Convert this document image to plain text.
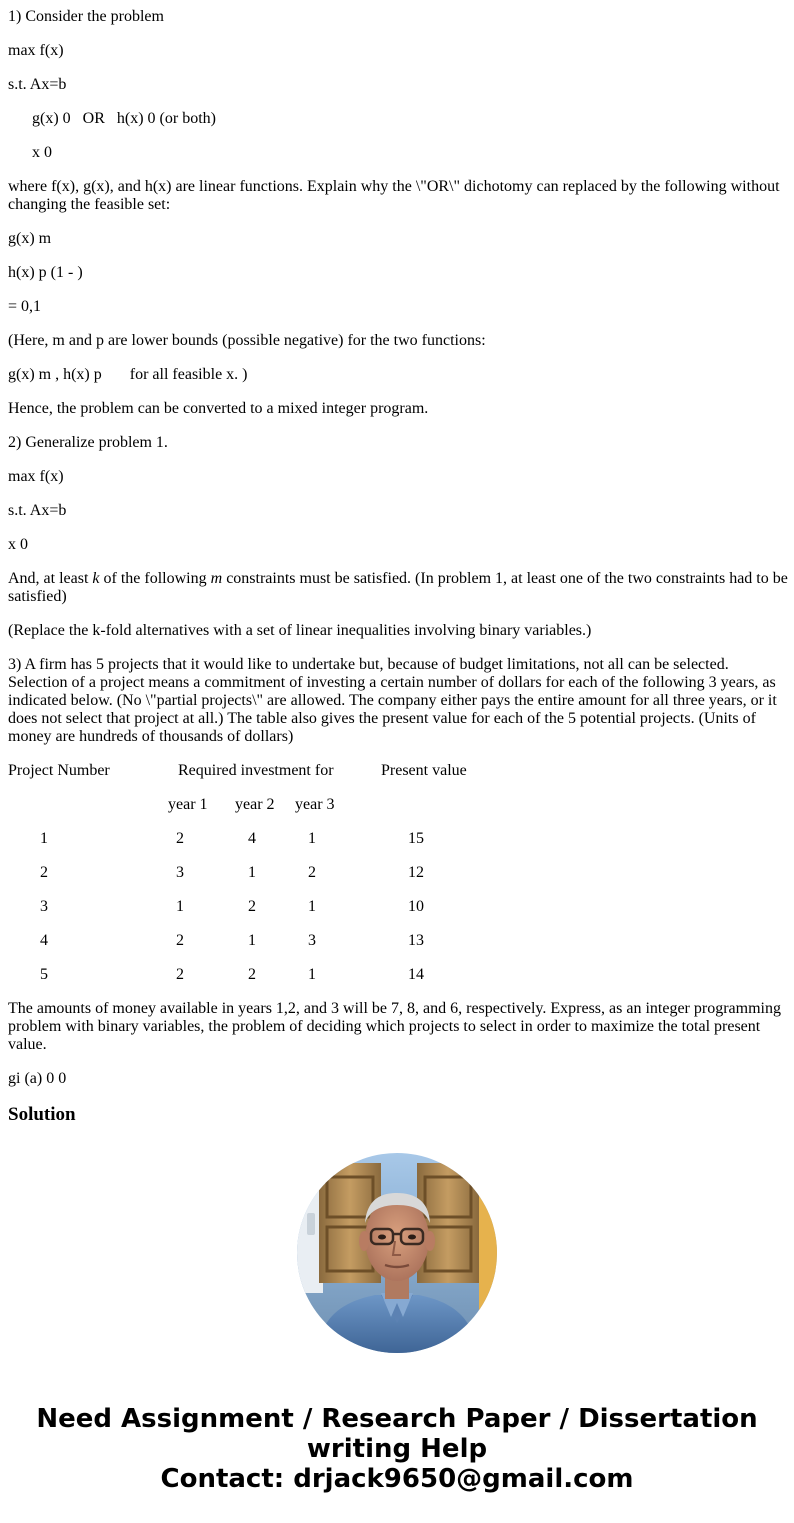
1) Consider the problem

max f(x)

s.t. Ax=b

g(x) 0 OR h(x) 0 (or both)

x 0

where f(x), g(x), and h(x) are linear functions. Explain why the \"OR\" dichotomy can replaced by the following without changing the feasible set:

g(x) m

h(x) p (1 - )

= 0,1

(Here, m and p are lower bounds (possible negative) for the two functions:

g(x) m , h(x) p for all feasible x. )

Hence, the problem can be converted to a mixed integer program.

2) Generalize problem 1.

max f(x)

s.t. Ax=b

x 0

And, at least k of the following m constraints must be satisfied. (In problem 1, at least one of the two constraints had to be satisfied)

(Replace the k-fold alternatives with a set of linear inequalities involving binary variables.)

3) A firm has 5 projects that it would like to undertake but, because of budget limitations, not all can be selected. Selection of a project means a commitment of investing a certain number of dollars for each of the following 3 years, as indicated below. (No \"partial projects\" are allowed. The company either pays the entire amount for all three years, or it does not select that project at all.) The table also gives the present value for each of the 5 potential projects. (Units of money are hundreds of thousands of dollars)

Project Number	Required investment for	Present value
year 1 year 2 year 3
1	2	4	1	15
2	3	1	2	12
3	1	2	1	10
4	2	1	3	13
5	2	2	1	14

The amounts of money available in years 1,2, and 3 will be 7, 8, and 6, respectively. Express, as an integer programming problem with binary variables, the problem of deciding which projects to select in order to maximize the total present value.

gi (a) 0 0

Solution
Need Assignment / Research Paper / Dissertation
writing Help
Contact: drjack9650@gmail.com
